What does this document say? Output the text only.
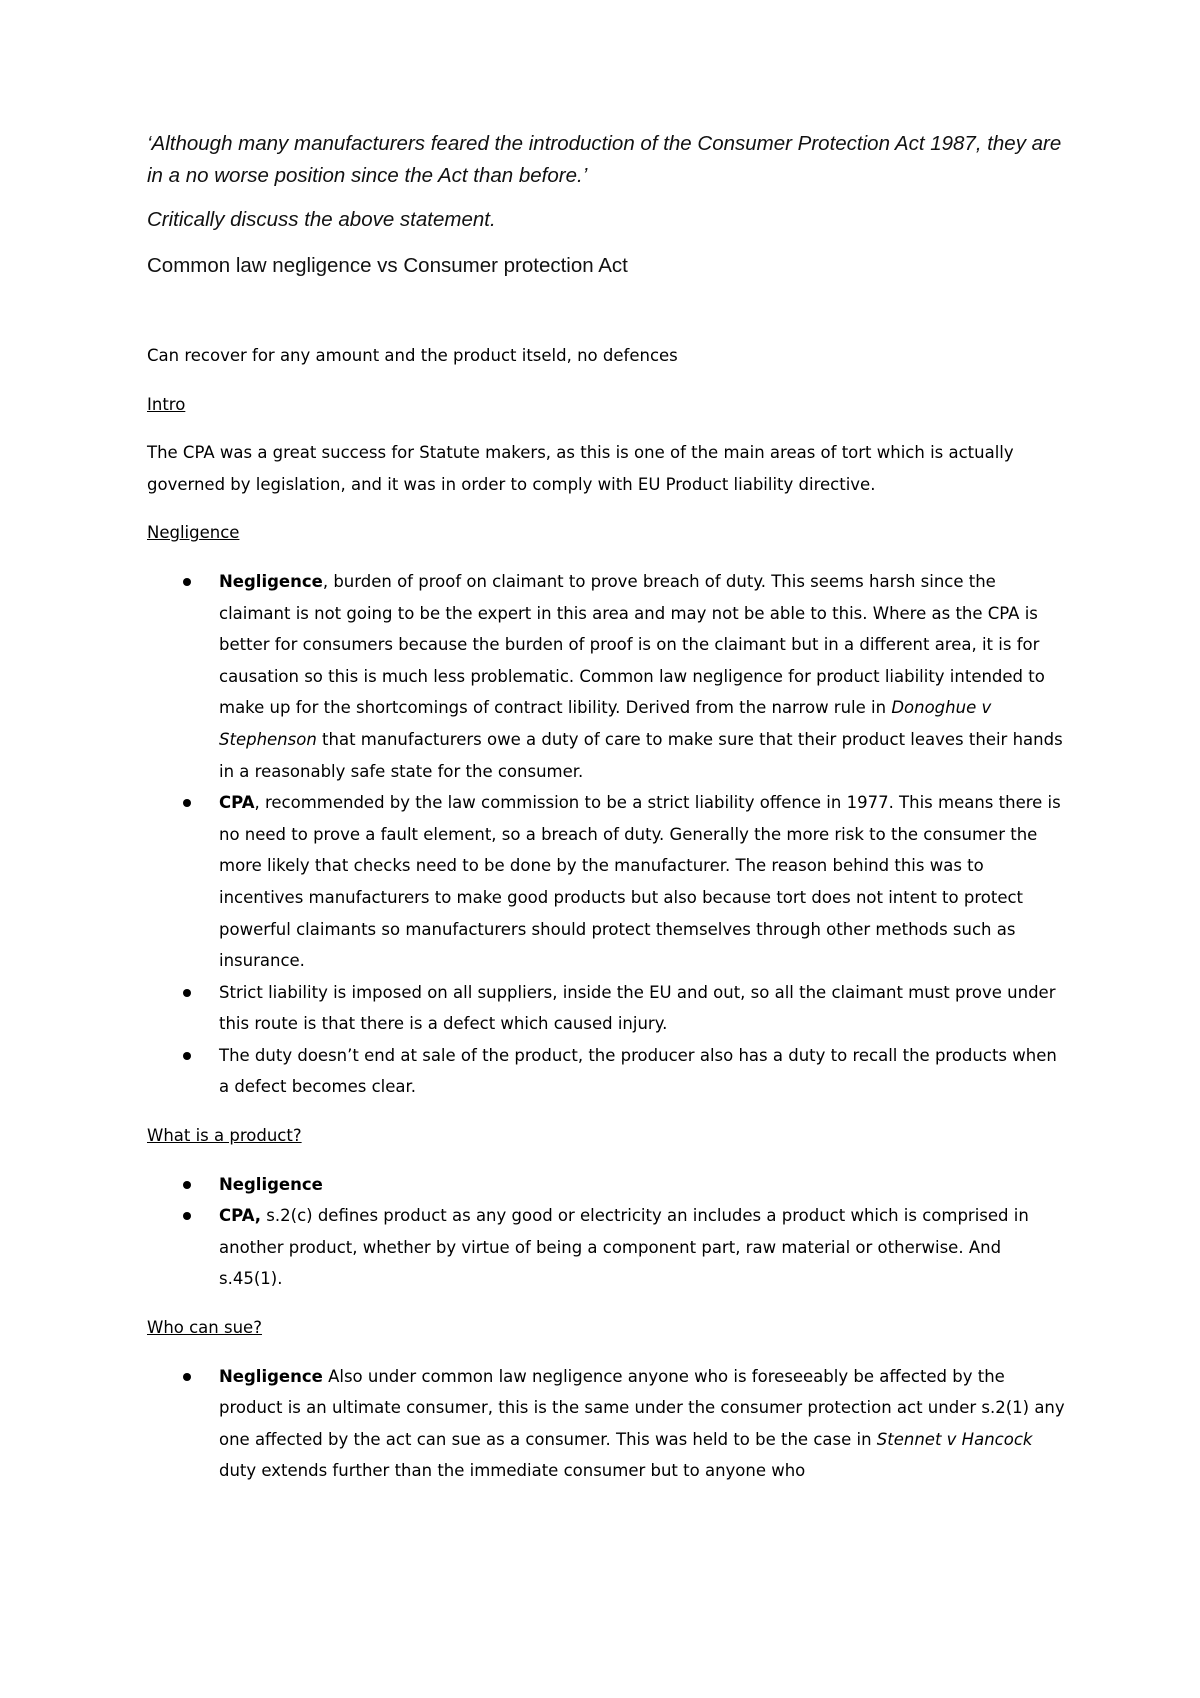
‘Although many manufacturers feared the introduction of the Consumer Protection Act 1987, they are in a no worse position since the Act than before.’

Critically discuss the above statement.

Common law negligence vs Consumer protection Act

Can recover for any amount and the product itseld, no defences

Intro

The CPA was a great success for Statute makers, as this is one of the main areas of tort which is actually governed by legislation, and it was in order to comply with EU Product liability directive.

Negligence

Negligence, burden of proof on claimant to prove breach of duty. This seems harsh since the claimant is not going to be the expert in this area and may not be able to this. Where as the CPA is better for consumers because the burden of proof is on the claimant but in a different area, it is for causation so this is much less problematic. Common law negligence for product liability intended to make up for the shortcomings of contract libility. Derived from the narrow rule in Donoghue v Stephenson that manufacturers owe a duty of care to make sure that their product leaves their hands in a reasonably safe state for the consumer.
CPA, recommended by the law commission to be a strict liability offence in 1977. This means there is no need to prove a fault element, so a breach of duty. Generally the more risk to the consumer the more likely that checks need to be done by the manufacturer. The reason behind this was to incentives manufacturers to make good products but also because tort does not intent to protect powerful claimants so manufacturers should protect themselves through other methods such as insurance.
Strict liability is imposed on all suppliers, inside the EU and out, so all the claimant must prove under this route is that there is a defect which caused injury.
The duty doesn’t end at sale of the product, the producer also has a duty to recall the products when a defect becomes clear.

What is a product?

Negligence
CPA, s.2(c) defines product as any good or electricity an includes a product which is comprised in another product, whether by virtue of being a component part, raw material or otherwise. And s.45(1).

Who can sue?

Negligence Also under common law negligence anyone who is foreseeably be affected by the product is an ultimate consumer, this is the same under the consumer protection act under s.2(1) any one affected by the act can sue as a consumer. This was held to be the case in Stennet v Hancock duty extends further than the immediate consumer but to anyone who
